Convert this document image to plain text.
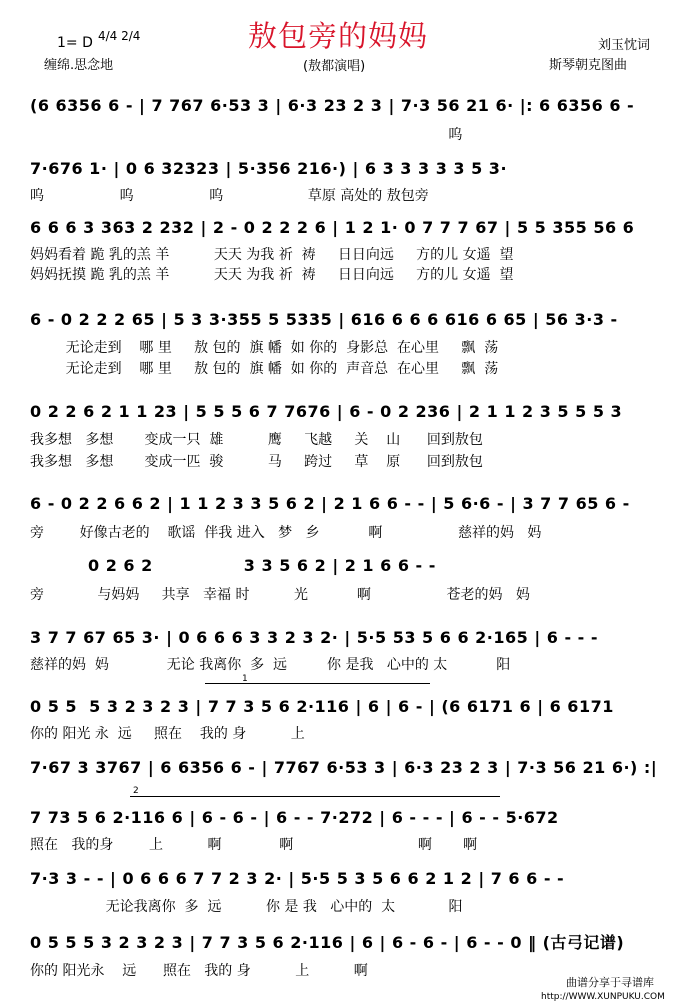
1= D 4/4 2/4	敖包旁的妈妈	刘玉忱词
缠绵.思念地	(敖都演唱)	斯琴朝克图曲
(6 6356 6 - | 7 767 6·53 3 | 6·3 23 2 3 | 7·3 56 21 6· |: 6 6356 6 -
呜
7·676 1· | 0 6 32323 | 5·356 216·) | 6 3 3 3 3 3 5 3·
呜                 呜                 呜                   草原 高处的 敖包旁
6 6 6 3 363 2 232 | 2 - 0 2 2 2 6 | 1 2 1· 0 7 7 7 67 | 5 5 355 56 6
妈妈看着 跪 乳的羔 羊          天天 为我 祈  祷     日日向远     方的儿 女遥  望
妈妈抚摸 跪 乳的羔 羊          天天 为我 祈  祷     日日向远     方的儿 女遥  望
6 - 0 2 2 2 65 | 5 3 3·355 5 5335 | 616 6 6 6 616 6 65 | 56 3·3 -
无论走到    哪 里     敖 包的  旗 幡  如 你的  身影总  在心里     飘  荡
无论走到    哪 里     敖 包的  旗 幡  如 你的  声音总  在心里     飘  荡
0 2 2 6 2 1 1 23 | 5 5 5 6 7 7676 | 6 - 0 2 236 | 2 1 1 2 3 5 5 5 3
我多想   多想       变成一只  雄          鹰     飞越     关    山      回到敖包
我多想   多想       变成一匹  骏          马     跨过     草    原      回到敖包
6 - 0 2 2 6 6 2 | 1 1 2 3 3 5 6 2 | 2 1 6 6 - - | 5 6·6 - | 3 7 7 65 6 -
旁        好像古老的    歌谣  伴我 进入   梦   乡           啊                 慈祥的妈   妈
0 2 6 2               3 3 5 6 2 | 2 1 6 6 - -
旁            与妈妈     共享   幸福 时          光           啊                 苍老的妈   妈
3 7 7 67 65 3· | 0 6 6 6 3 3 2 3 2· | 5·5 53 5 6 6 2·165 | 6 - - -
慈祥的妈  妈             无论 我离你  多  远         你 是我   心中的 太           阳
1
0 5 5  5 3 2 3 2 3 | 7 7 3 5 6 2·116 | 6 | 6 - | (6 6171 6 | 6 6171
你的 阳光 永  远     照在    我的 身          上
7·67 3 3767 | 6 6356 6 - | 7767 6·53 3 | 6·3 23 2 3 | 7·3 56 21 6·) :|
2
7 73 5 6 2·116 6 | 6 - 6 - | 6 - - 7·272 | 6 - - - | 6 - - 5·672
照在   我的身        上          啊             啊                            啊       啊
7·3 3 - - | 0 6 6 6 7 7 2 3 2· | 5·5 5 3 5 6 6 2 1 2 | 7 6 6 - -
无论我离你  多  远          你 是 我   心中的  太            阳
0 5 5 5 3 2 3 2 3 | 7 7 3 5 6 2·116 | 6 | 6 - 6 - | 6 - - 0 ‖ (古弓记谱)
你的 阳光永    远      照在   我的 身          上          啊
曲谱分享于寻谱库
http://WWW.XUNPUKU.COM
